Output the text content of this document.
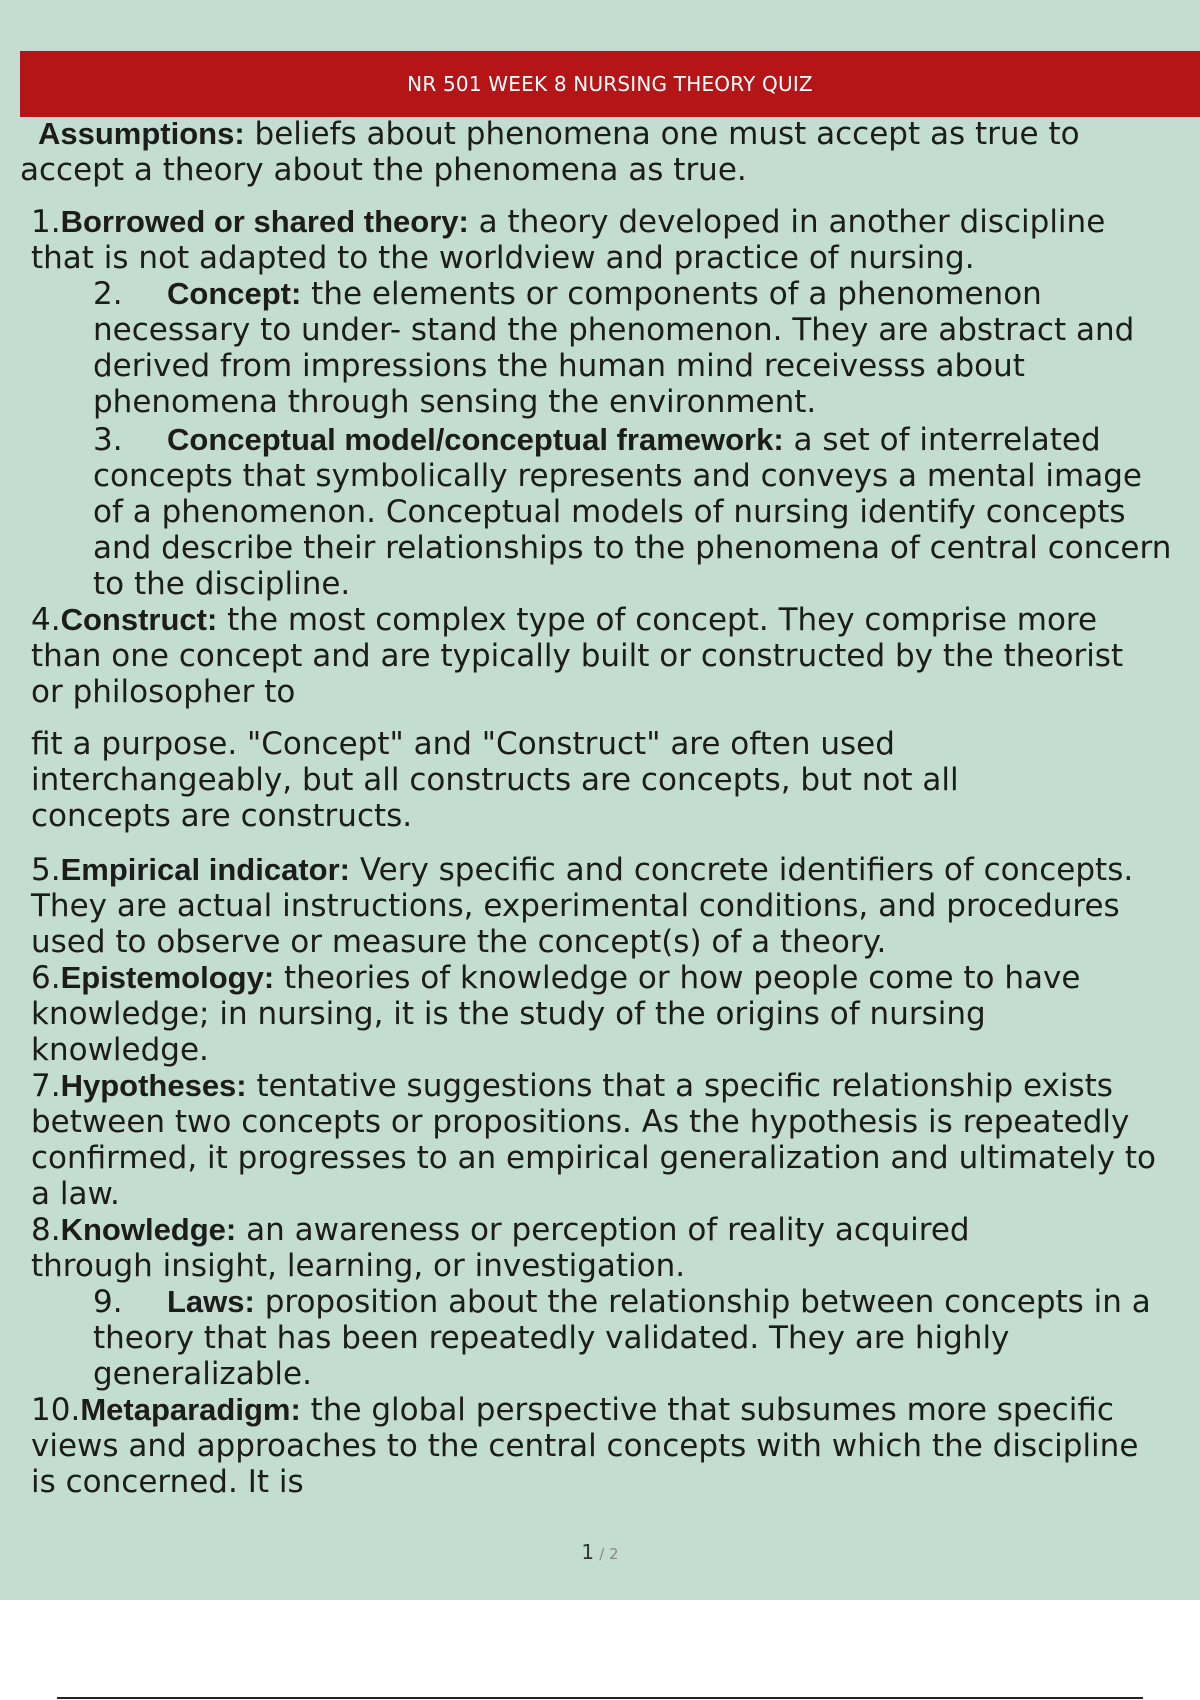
NR 501 WEEK 8 NURSING THEORY QUIZ
Assumptions: beliefs about phenomena one must accept as true to
accept a theory about the phenomena as true.
1.Borrowed or shared theory: a theory developed in another discipline
that is not adapted to the worldview and practice of nursing.
2. Concept: the elements or components of a phenomenon
necessary to under- stand the phenomenon. They are abstract and
derived from impressions the human mind receivesss about
phenomena through sensing the environment.
3. Conceptual model/conceptual framework: a set of interrelated
concepts that symbolically represents and conveys a mental image
of a phenomenon. Conceptual models of nursing identify concepts
and describe their relationships to the phenomena of central concern
to the discipline.
4.Construct: the most complex type of concept. They comprise more
than one concept and are typically built or constructed by the theorist
or philosopher to
fit a purpose. "Concept" and "Construct" are often used
interchangeably, but all constructs are concepts, but not all
concepts are constructs.
5.Empirical indicator: Very specific and concrete identifiers of concepts.
They are actual instructions, experimental conditions, and procedures
used to observe or measure the concept(s) of a theory.
6.Epistemology: theories of knowledge or how people come to have
knowledge; in nursing, it is the study of the origins of nursing
knowledge.
7.Hypotheses: tentative suggestions that a specific relationship exists
between two concepts or propositions. As the hypothesis is repeatedly
confirmed, it progresses to an empirical generalization and ultimately to
a law.
8.Knowledge: an awareness or perception of reality acquired
through insight, learning, or investigation.
9. Laws: proposition about the relationship between concepts in a
theory that has been repeatedly validated. They are highly
generalizable.
10.Metaparadigm: the global perspective that subsumes more specific
views and approaches to the central concepts with which the discipline
is concerned. It is
1 / 2
